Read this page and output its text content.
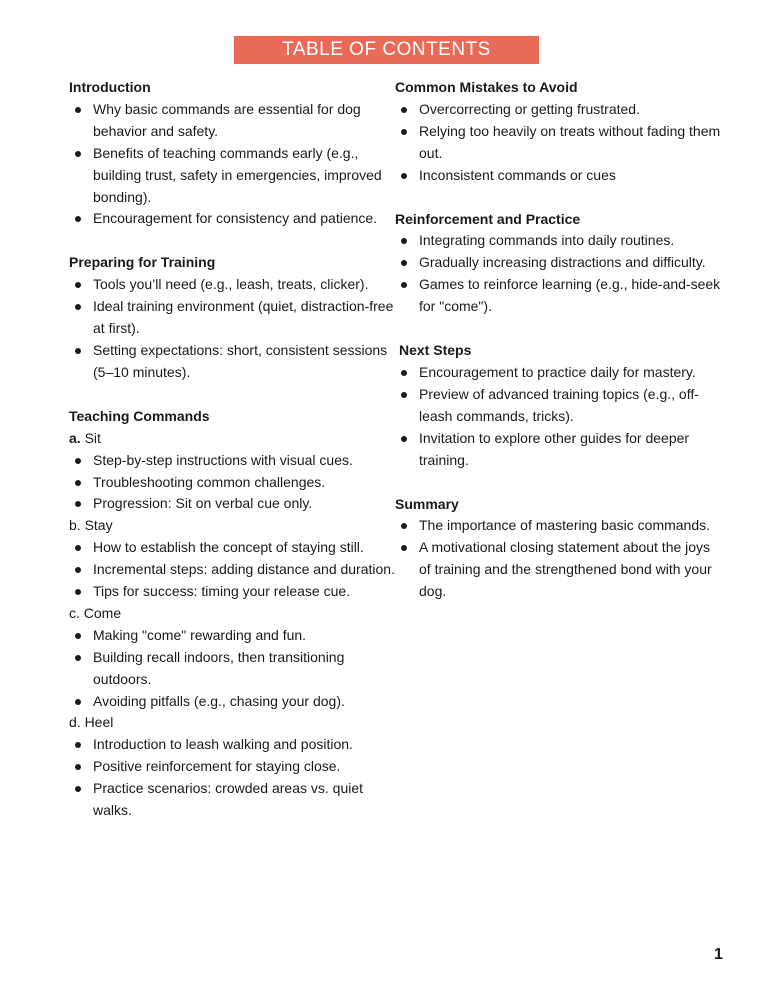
TABLE OF CONTENTS
Introduction
Why basic commands are essential for dog behavior and safety.
Benefits of teaching commands early (e.g., building trust, safety in emergencies, improved bonding).
Encouragement for consistency and patience.
Preparing for Training
Tools you’ll need (e.g., leash, treats, clicker).
Ideal training environment (quiet, distraction-free at first).
Setting expectations: short, consistent sessions (5–10 minutes).
Teaching Commands
a. Sit
Step-by-step instructions with visual cues.
Troubleshooting common challenges.
Progression: Sit on verbal cue only.
b. Stay
How to establish the concept of staying still.
Incremental steps: adding distance and duration.
Tips for success: timing your release cue.
c. Come
Making "come" rewarding and fun.
Building recall indoors, then transitioning outdoors.
Avoiding pitfalls (e.g., chasing your dog).
d. Heel
Introduction to leash walking and position.
Positive reinforcement for staying close.
Practice scenarios: crowded areas vs. quiet walks.
Common Mistakes to Avoid
Overcorrecting or getting frustrated.
Relying too heavily on treats without fading them out.
Inconsistent commands or cues
Reinforcement and Practice
Integrating commands into daily routines.
Gradually increasing distractions and difficulty.
Games to reinforce learning (e.g., hide-and-seek for "come").
Next Steps
Encouragement to practice daily for mastery.
Preview of advanced training topics (e.g., off-leash commands, tricks).
Invitation to explore other guides for deeper training.
Summary
The importance of mastering basic commands.
A motivational closing statement about the joys of training and the strengthened bond with your dog.
1
